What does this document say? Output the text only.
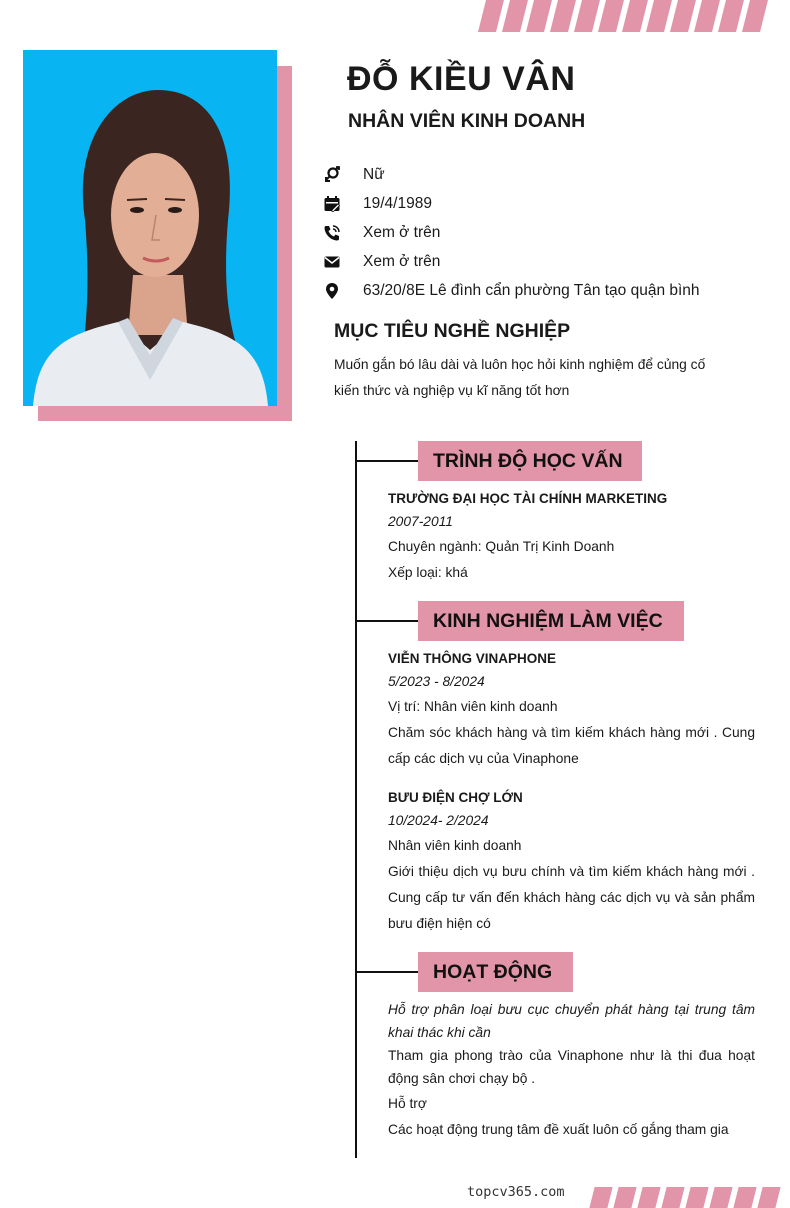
ĐỖ KIỀU VÂN
NHÂN VIÊN KINH DOANH
Nữ
19/4/1989
Xem ở trên
Xem ở trên
63/20/8E Lê đình cẩn phường Tân tạo quận bình
MỤC TIÊU NGHỀ NGHIỆP
Muốn gắn bó lâu dài và luôn học hỏi kinh nghiệm để củng cố kiến thức và nghiệp vụ kĩ năng tốt hơn
TRÌNH ĐỘ HỌC VẤN
TRƯỜNG ĐẠI HỌC TÀI CHÍNH MARKETING
2007-2011
Chuyên ngành: Quản Trị Kinh Doanh
Xếp loại: khá
KINH NGHIỆM LÀM VIỆC
VIỄN THÔNG VINAPHONE
5/2023 - 8/2024
Vị trí: Nhân viên kinh doanh
Chăm sóc khách hàng và tìm kiếm khách hàng mới . Cung cấp các dịch vụ của Vinaphone
BƯU ĐIỆN CHỢ LỚN
10/2024- 2/2024
Nhân viên kinh doanh
Giới thiệu dịch vụ bưu chính và tìm kiếm khách hàng mới . Cung cấp tư vấn đến khách hàng các dịch vụ và sản phẩm bưu điện hiện có
HOẠT ĐỘNG
Hỗ trợ phân loại bưu cục chuyển phát hàng tại trung tâm khai thác khi cần
Tham gia phong trào của Vinaphone như là thi đua hoạt động sân chơi chạy bộ .
Hỗ trợ
Các hoạt động trung tâm đề xuất luôn cố gắng tham gia
topcv365.com
